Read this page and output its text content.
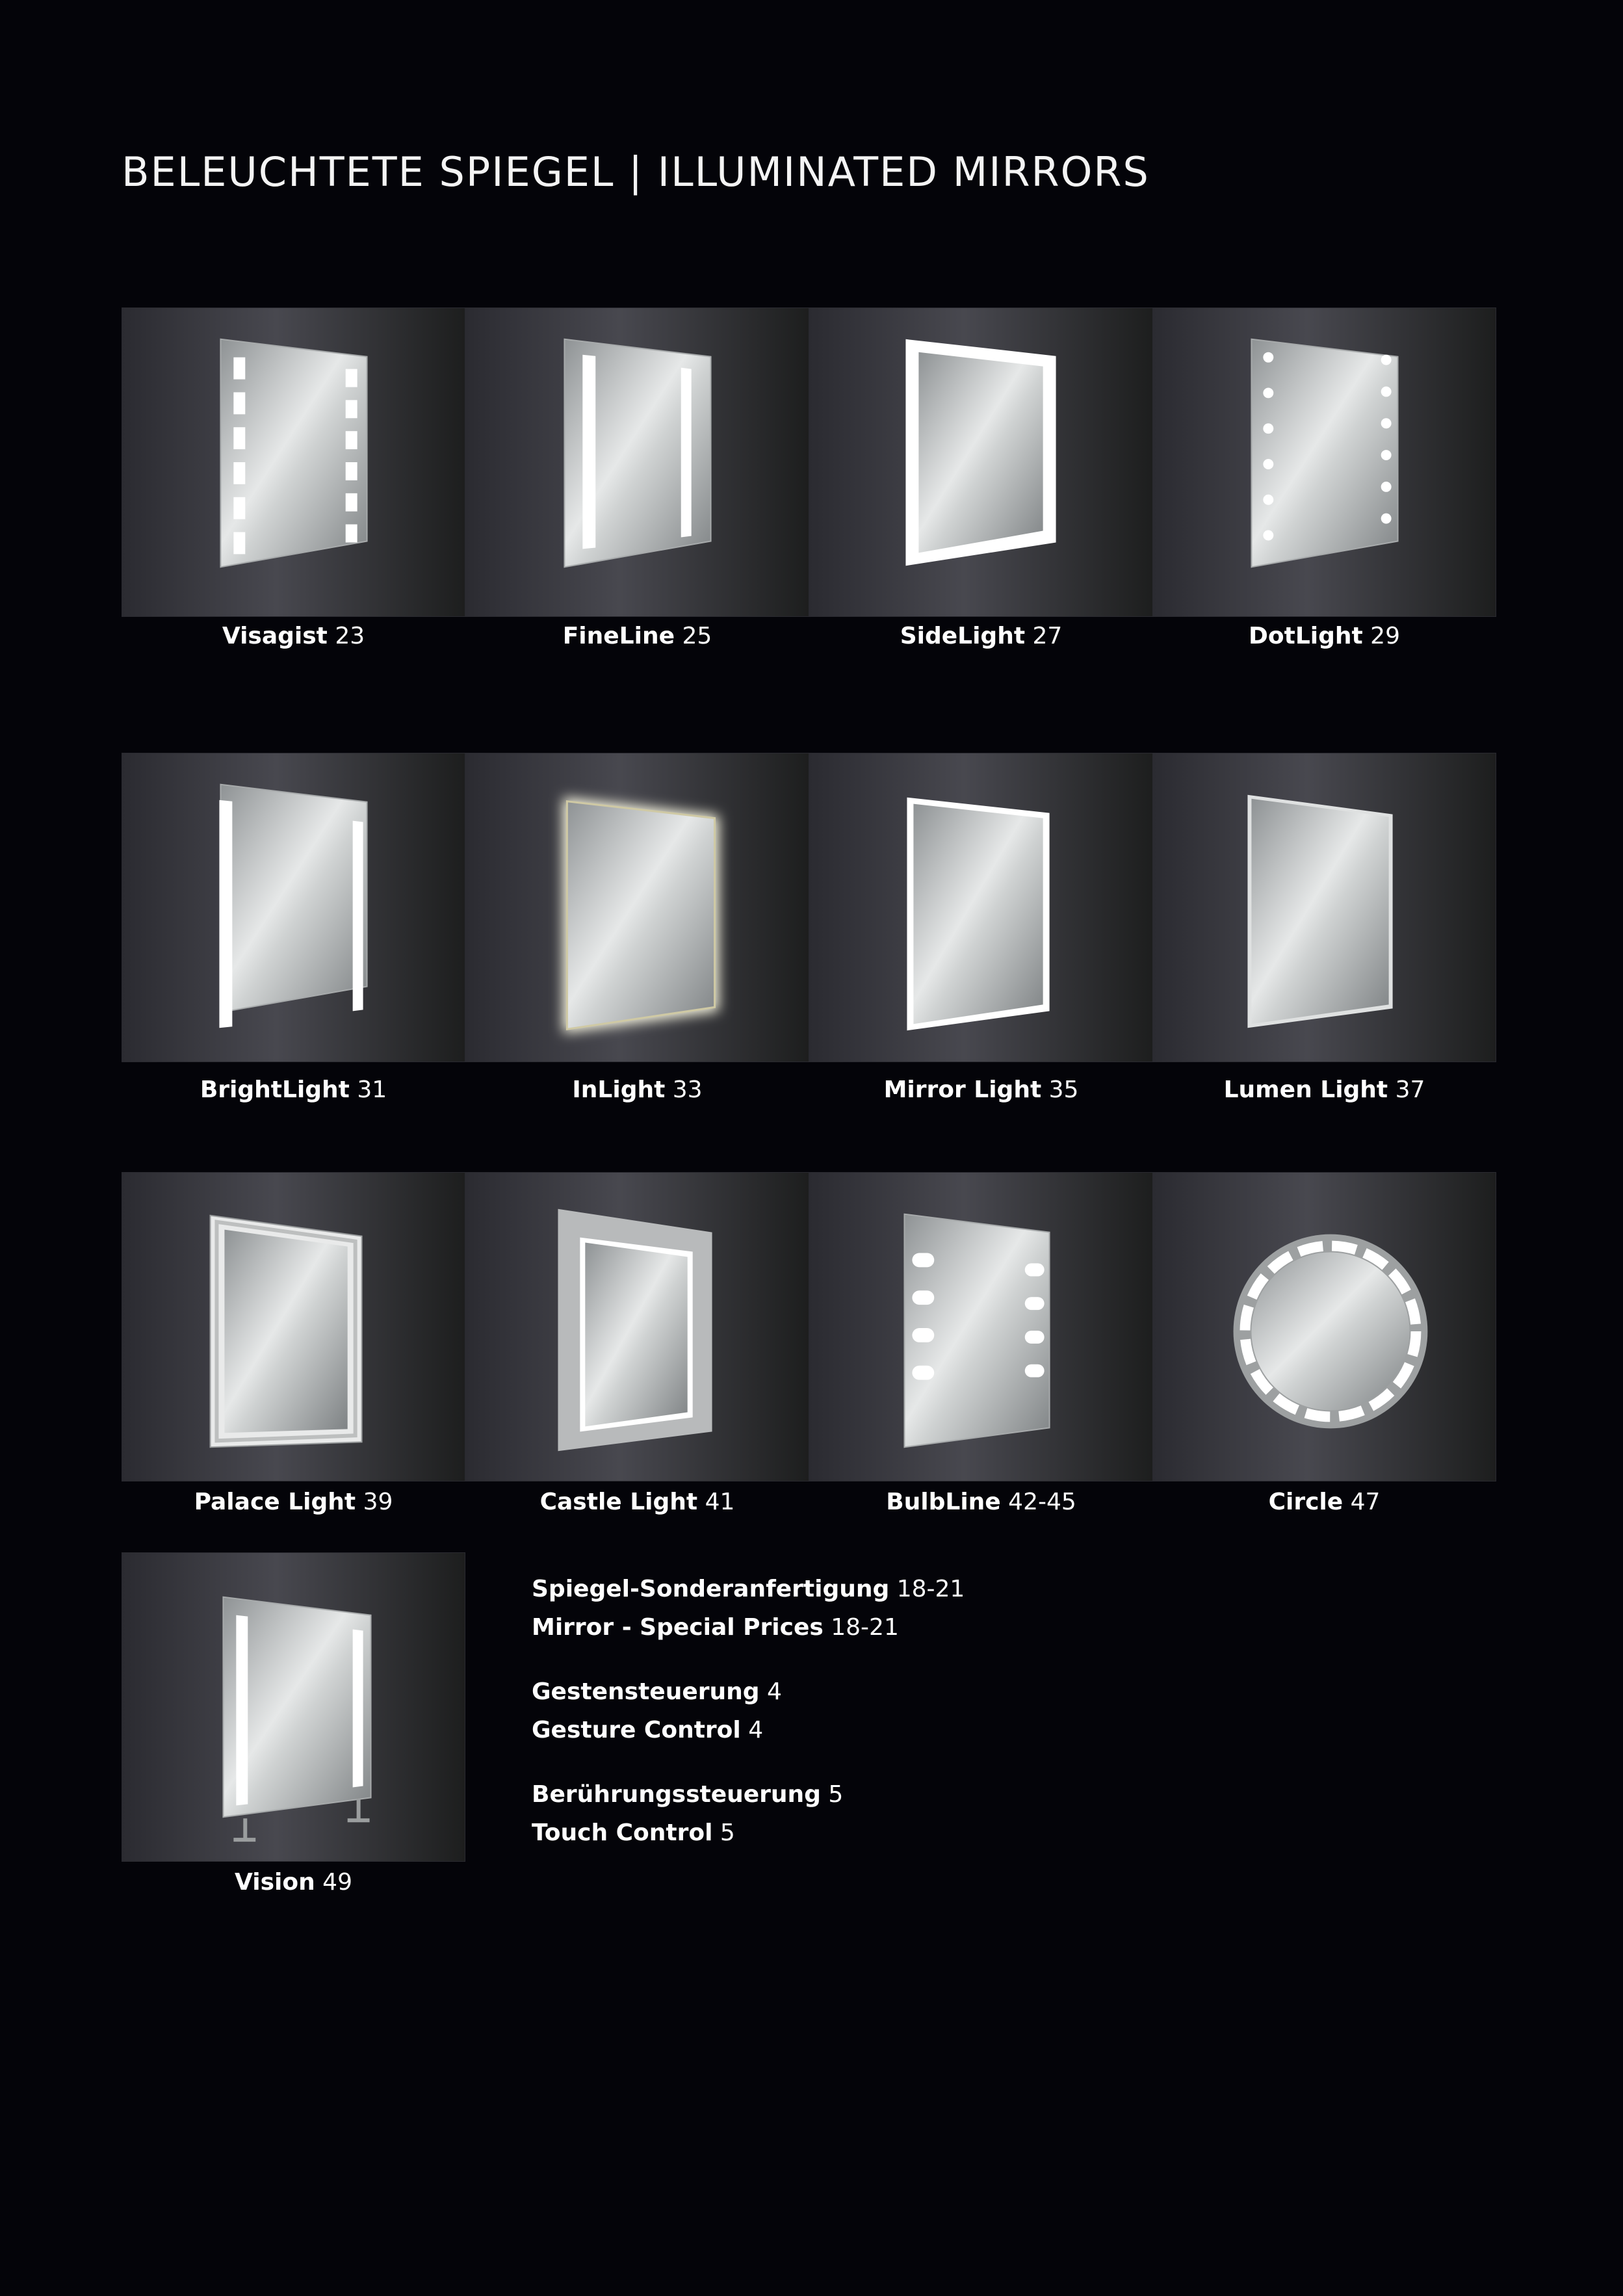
BELEUCHTETE SPIEGEL | ILLUMINATED MIRRORS
Visagist 23	FineLine 25	SideLight 27	DotLight 29
BrightLight 31	InLight 33	Mirror Light 35	Lumen Light 37
Palace Light 39	Castle Light 41	BulbLine 42-45	Circle 47
Vision 49
Spiegel-Sonderanfertigung 18-21
Mirror - Special Prices 18-21
Gestensteuerung 4
Gesture Control 4
Berührungssteuerung 5
Touch Control 5
